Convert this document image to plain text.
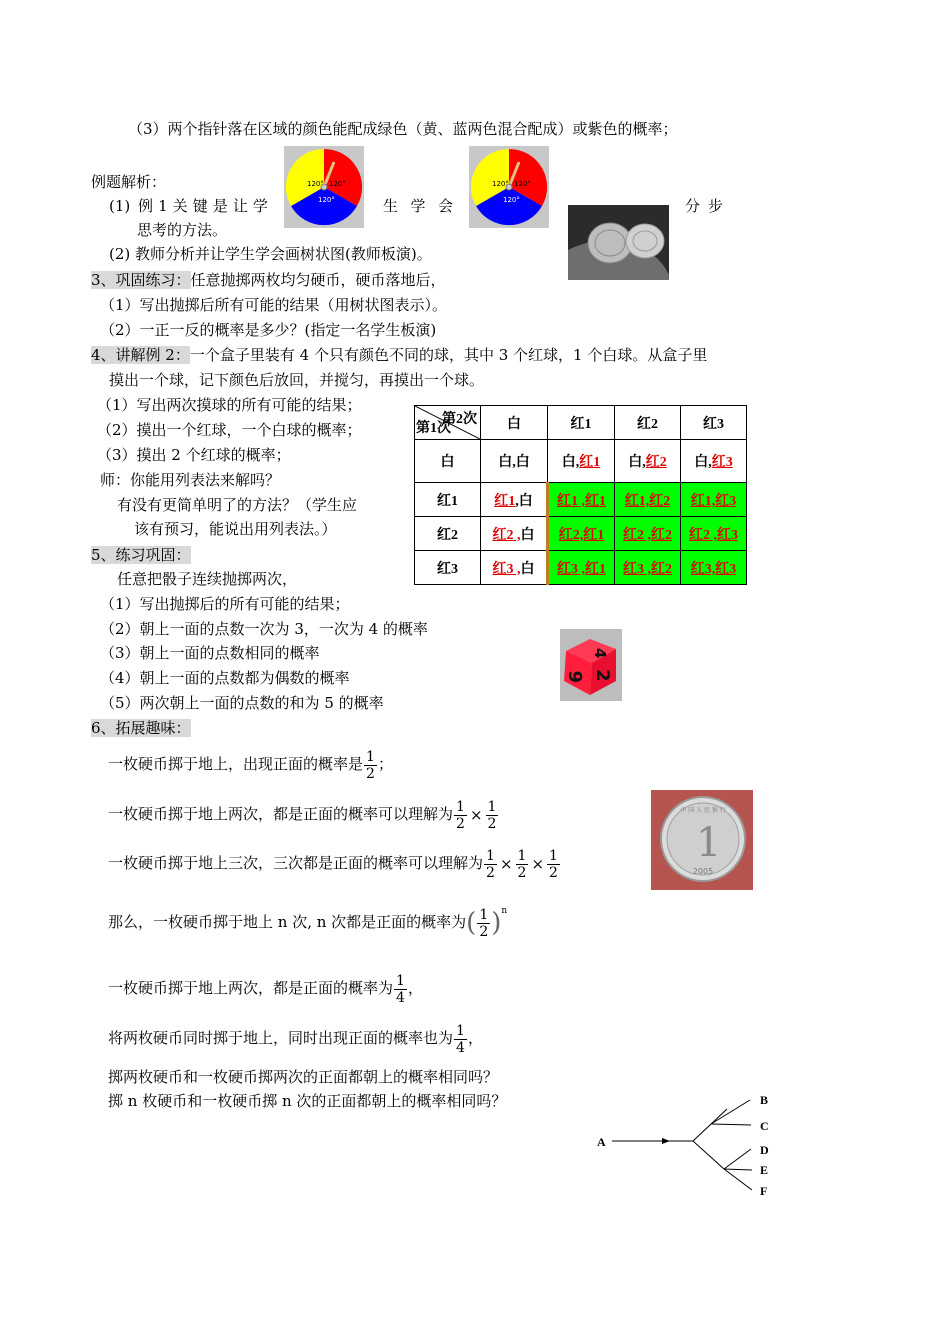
（3）两个指针落在区域的颜色能配成绿色（黄、蓝两色混合配成）或紫色的概率；
例题解析：	120° 120°
120°
120° 120°
120°
(1) 例 1 关 键 是 让 学	生 学 会	分 步
思考的方法。
(2) 教师分析并让学生学会画树状图(教师板演)。
3、巩固练习：任意抛掷两枚均匀硬币，硬币落地后，
（1）写出抛掷后所有可能的结果（用树状图表示）。
（2）一正一反的概率是多少？(指定一名学生板演)
4、讲解例 2：一个盒子里装有 4 个只有颜色不同的球，其中 3 个红球，1 个白球。从盒子里
摸出一个球，记下颜色后放回，并搅匀，再摸出一个球。
（1）写出两次摸球的所有可能的结果；
（2）摸出一个红球，一个白球的概率；
（3）摸出 2 个红球的概率；
师：你能用列表法来解吗？
有没有更简单明了的方法？（学生应
该有预习，能说出用列表法。）
第2次
第1次	白	红1	红2	红3
白	白,白	白,红1	白,红2	白,红3
红1	红1,白	红1 ,红1	红1,红2	红1,红3
红2	红2 ,白	红2,红1	红2 ,红2	红2 ,红3
红3	红3 ,白	红3 ,红1	红3 ,红2	红3,红3
5、练习巩固：
任意把骰子连续抛掷两次，
（1）写出抛掷后的所有可能的结果；
（2）朝上一面的点数一次为 3，一次为 4 的概率
（3）朝上一面的点数相同的概率
（4）朝上一面的点数都为偶数的概率
（5）两次朝上一面的点数的和为 5 的概率
4
6 2
6、拓展趣味：
一枚硬币掷于地上，出现正面的概率是 $\frac{1}{2}$ ；
一枚硬币掷于地上两次，都是正面的概率可以理解为 $\frac{1}{2} \times \frac{1}{2}$
一枚硬币掷于地上三次，三次都是正面的概率可以理解为 $\frac{1}{2} \times \frac{1}{2} \times \frac{1}{2}$	1
2005
中 国 人 民 银 行
那么，一枚硬币掷于地上 n 次, n 次都是正面的概率为( $\frac{1}{2} )n$
一枚硬币掷于地上两次，都是正面的概率为 $\frac{1}{4}$ ，
将两枚硬币同时掷于地上，同时出现正面的概率也为 $\frac{1}{4}$ ，
掷两枚硬币和一枚硬币掷两次的正面都朝上的概率相同吗？
掷 n 枚硬币和一枚硬币掷 n 次的正面都朝上的概率相同吗？
A
B
C
D
E
F
